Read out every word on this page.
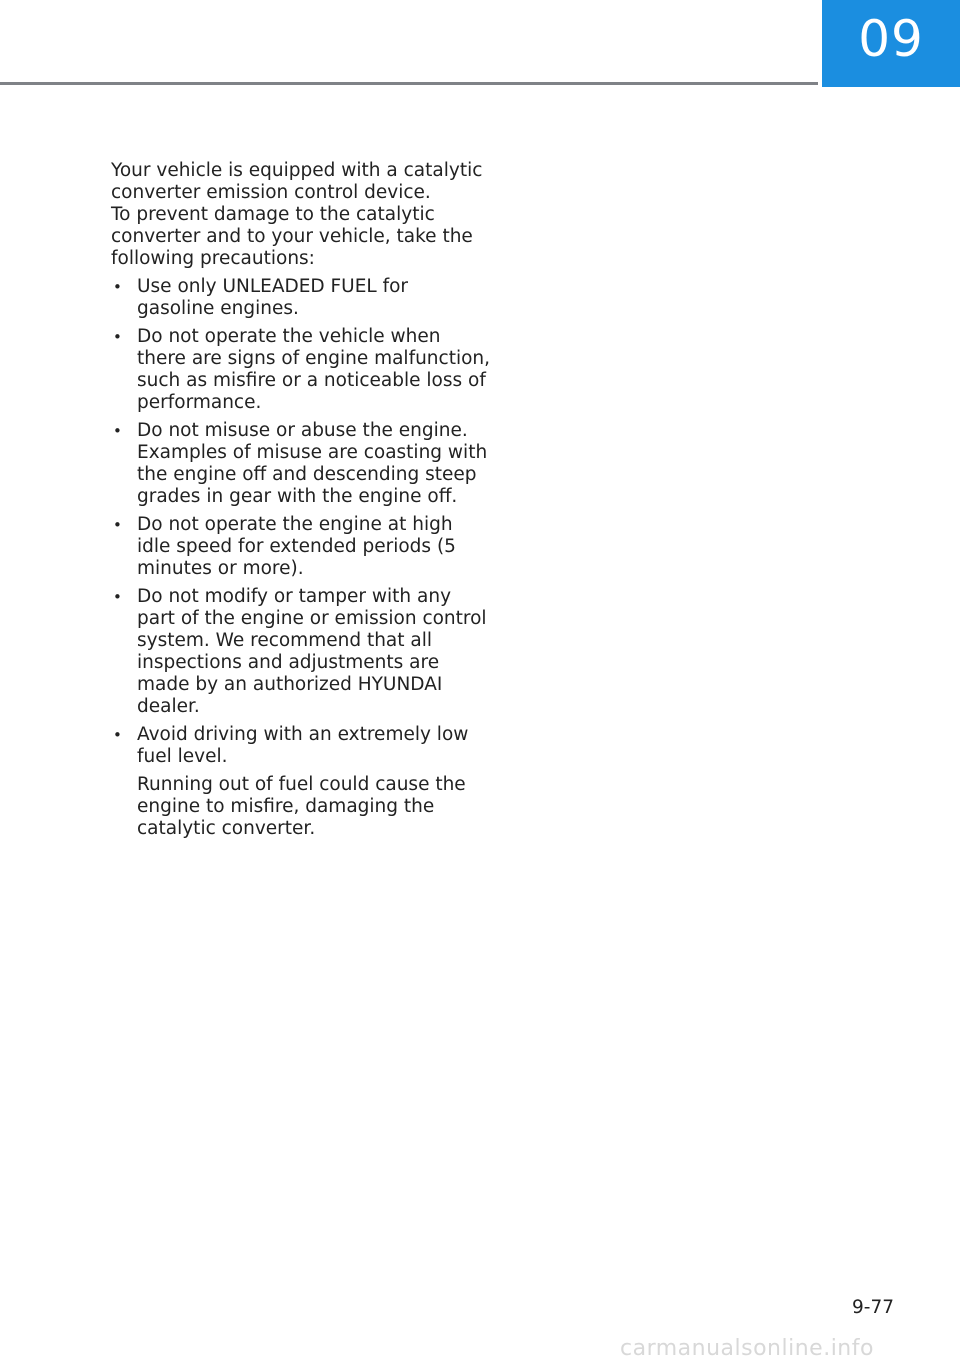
09

Your vehicle is equipped with a catalytic converter emission control device.

To prevent damage to the catalytic converter and to your vehicle, take the following precautions:

• Use only UNLEADED FUEL for gasoline engines.
• Do not operate the vehicle when there are signs of engine malfunction, such as misfire or a noticeable loss of performance.
• Do not misuse or abuse the engine. Examples of misuse are coasting with the engine off and descending steep grades in gear with the engine off.
• Do not operate the engine at high idle speed for extended periods (5 minutes or more).
• Do not modify or tamper with any part of the engine or emission control system. We recommend that all inspections and adjustments are made by an authorized HYUNDAI dealer.
• Avoid driving with an extremely low fuel level.

Running out of fuel could cause the engine to misfire, damaging the catalytic converter.

9-77
carmanualsonline.info
